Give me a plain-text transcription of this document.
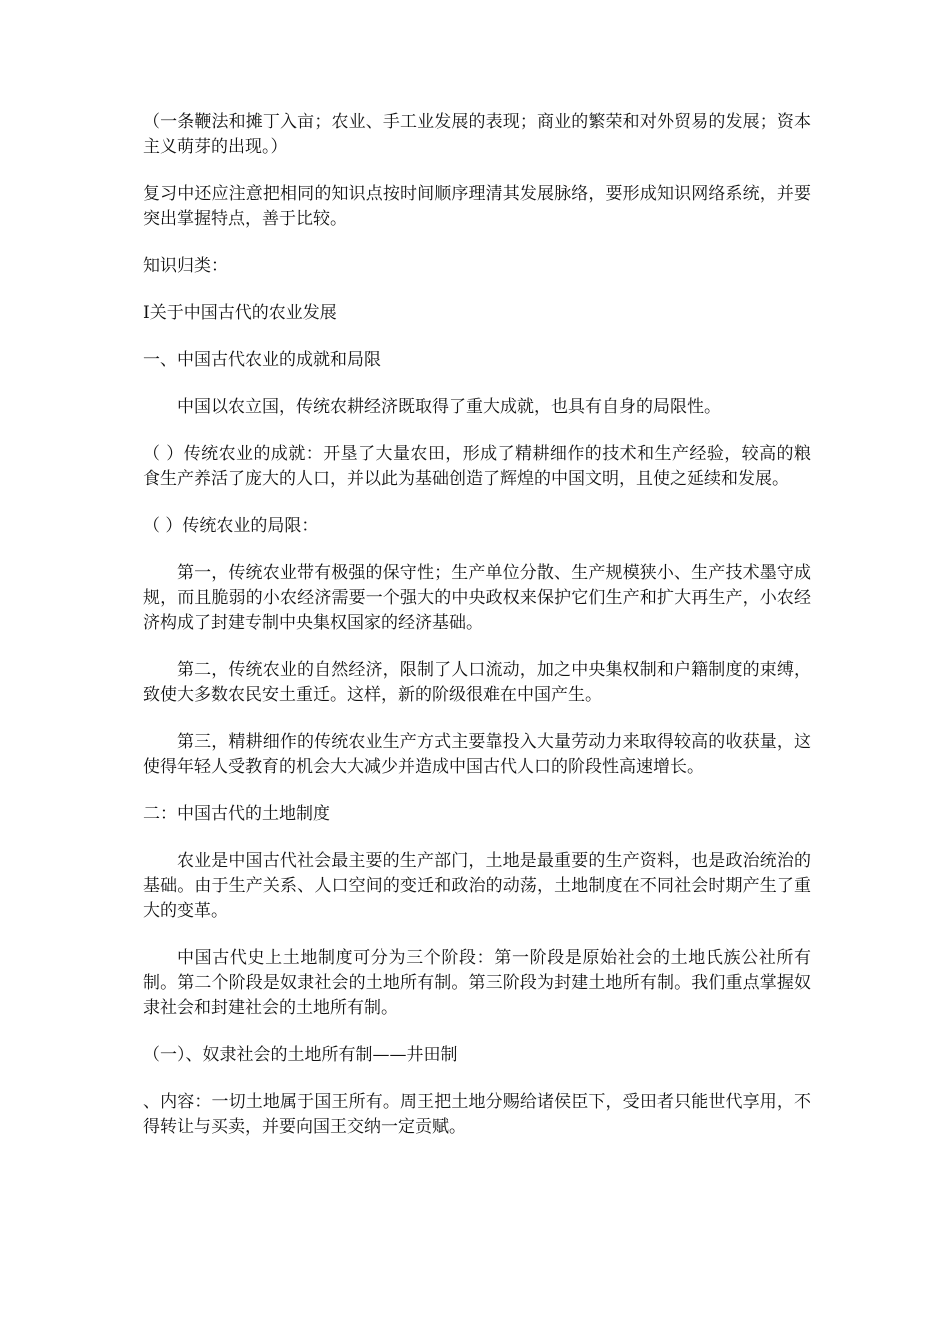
（一条鞭法和摊丁入亩；农业、手工业发展的表现；商业的繁荣和对外贸易的发展；资本主义萌芽的出现。）

复习中还应注意把相同的知识点按时间顺序理清其发展脉络，要形成知识网络系统，并要突出掌握特点，善于比较。

知识归类：

Ⅰ关于中国古代的农业发展

一、中国古代农业的成就和局限

中国以农立国，传统农耕经济既取得了重大成就，也具有自身的局限性。

（ ）传统农业的成就：开垦了大量农田，形成了精耕细作的技术和生产经验，较高的粮食生产养活了庞大的人口，并以此为基础创造了辉煌的中国文明，且使之延续和发展。

（ ）传统农业的局限：

第一，传统农业带有极强的保守性；生产单位分散、生产规模狭小、生产技术墨守成规，而且脆弱的小农经济需要一个强大的中央政权来保护它们生产和扩大再生产，小农经济构成了封建专制中央集权国家的经济基础。

第二，传统农业的自然经济，限制了人口流动，加之中央集权制和户籍制度的束缚，致使大多数农民安土重迁。这样，新的阶级很难在中国产生。

第三，精耕细作的传统农业生产方式主要靠投入大量劳动力来取得较高的收获量，这使得年轻人受教育的机会大大减少并造成中国古代人口的阶段性高速增长。

二：中国古代的土地制度

农业是中国古代社会最主要的生产部门，土地是最重要的生产资料，也是政治统治的基础。由于生产关系、人口空间的变迁和政治的动荡，土地制度在不同社会时期产生了重大的变革。

中国古代史上土地制度可分为三个阶段：第一阶段是原始社会的土地氏族公社所有制。第二个阶段是奴隶社会的土地所有制。第三阶段为封建土地所有制。我们重点掌握奴隶社会和封建社会的土地所有制。

（一）、奴隶社会的土地所有制——井田制

、内容：一切土地属于国王所有。周王把土地分赐给诸侯臣下，受田者只能世代享用，不得转让与买卖，并要向国王交纳一定贡赋。
